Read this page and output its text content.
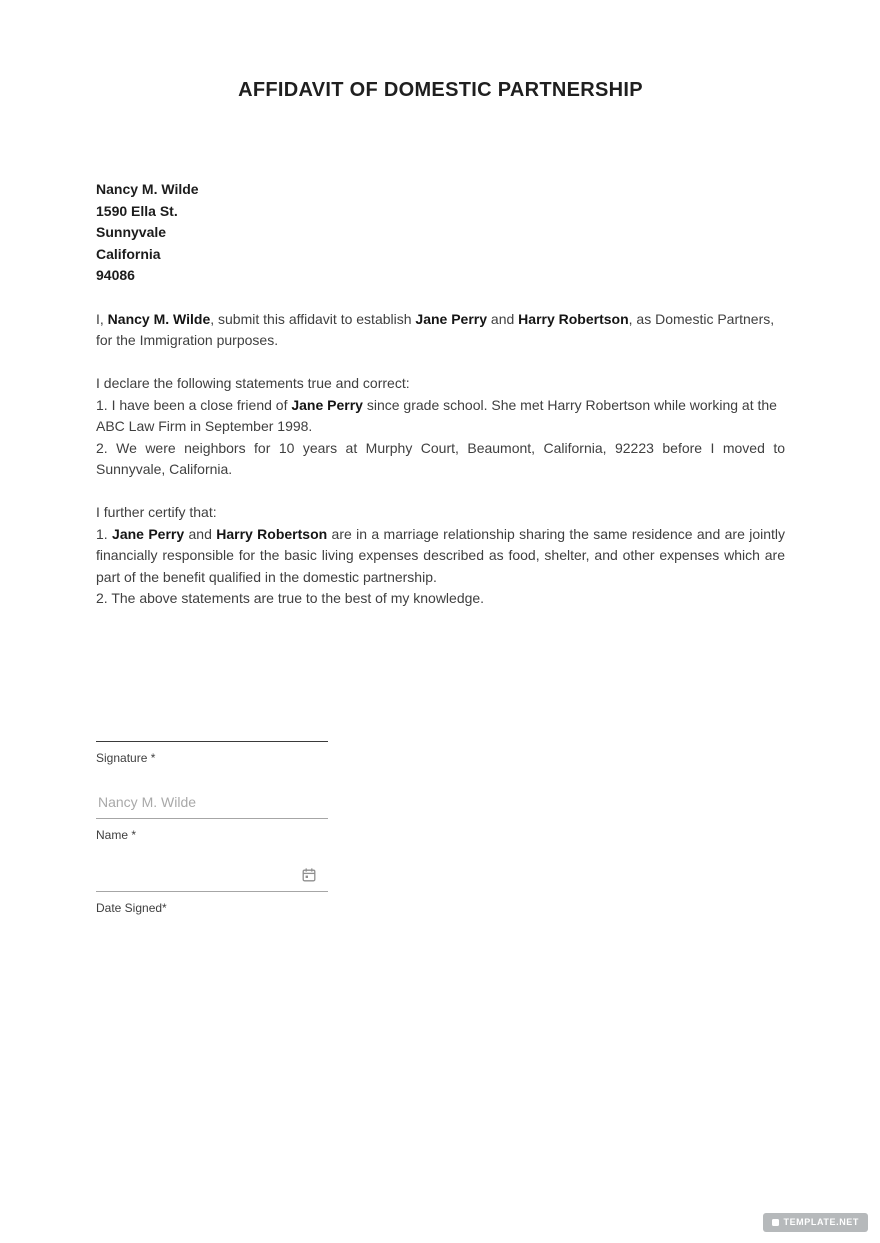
AFFIDAVIT OF DOMESTIC PARTNERSHIP
Nancy M. Wilde
1590 Ella St.
Sunnyvale
California
94086

I, Nancy M. Wilde, submit this affidavit to establish Jane Perry and Harry Robertson, as Domestic Partners, for the Immigration purposes.

I declare the following statements true and correct:

1. I have been a close friend of Jane Perry since grade school. She met Harry Robertson while working at the ABC Law Firm in September 1998.

2. We were neighbors for 10 years at Murphy Court, Beaumont, California, 92223 before I moved to Sunnyvale, California.

I further certify that:

1. Jane Perry and Harry Robertson are in a marriage relationship sharing the same residence and are jointly financially responsible for the basic living expenses described as food, shelter, and other expenses which are part of the benefit qualified in the domestic partnership.

2. The above statements are true to the best of my knowledge.

Signature *
Nancy M. Wilde
Name *
Date Signed*
TEMPLATE.NET
